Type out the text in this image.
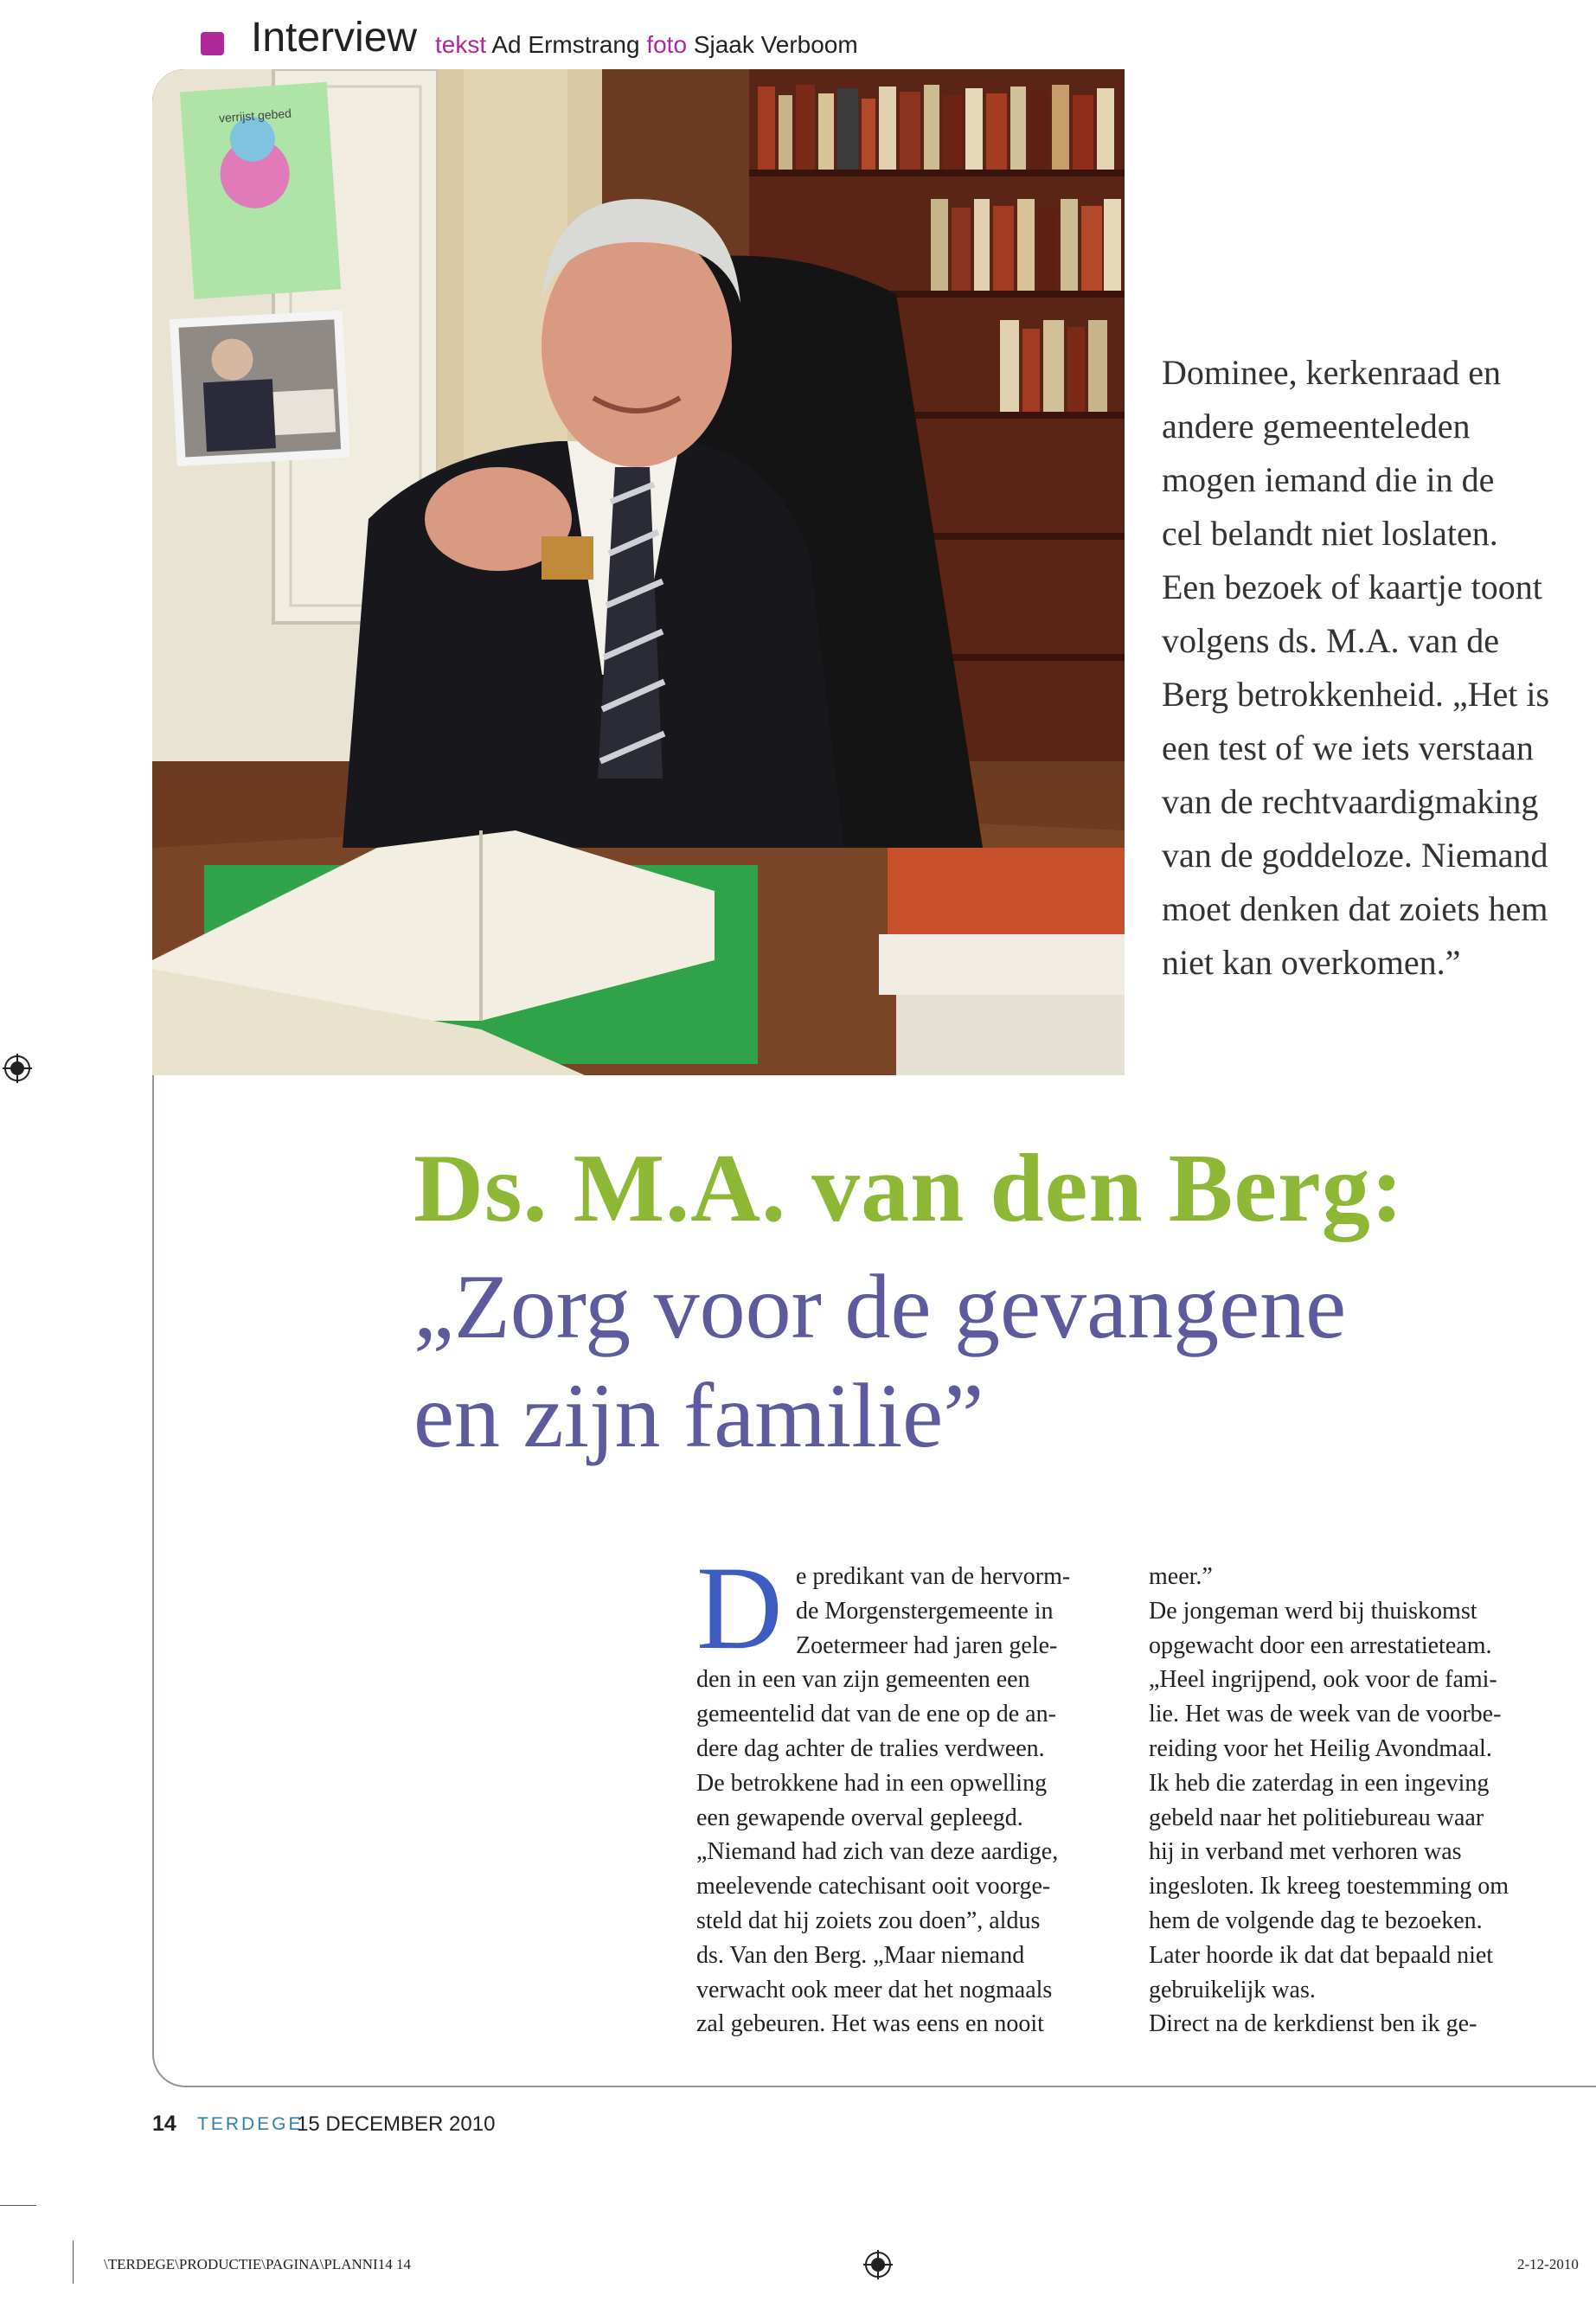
Interview tekst Ad Ermstrang foto Sjaak Verboom
verrijst gebed
Dominee, kerkenraad en
andere gemeenteleden
mogen iemand die in de
cel belandt niet loslaten.
Een bezoek of kaartje toont
volgens ds. M.A. van de
Berg betrokkenheid. „Het is
een test of we iets verstaan
van de rechtvaardigmaking
van de goddeloze. Niemand
moet denken dat zoiets hem
niet kan overkomen.”
Ds. M.A. van den Berg:
„Zorg voor de gevangene
en zijn familie”
D e predikant van de hervorm-
de Morgenstergemeente in
Zoetermeer had jaren gele-
den in een van zijn gemeenten een
gemeentelid dat van de ene op de an-
dere dag achter de tralies verdween.
De betrokkene had in een opwelling
een gewapende overval gepleegd.
„Niemand had zich van deze aardige,
meelevende catechisant ooit voorge-
steld dat hij zoiets zou doen”, aldus
ds. Van den Berg. „Maar niemand
verwacht ook meer dat het nogmaals
zal gebeuren. Het was eens en nooit
meer.”
De jongeman werd bij thuiskomst
opgewacht door een arrestatieteam.
„Heel ingrijpend, ook voor de fami-
lie. Het was de week van de voorbe-
reiding voor het Heilig Avondmaal.
Ik heb die zaterdag in een ingeving
gebeld naar het politiebureau waar
hij in verband met verhoren was
ingesloten. Ik kreeg toestemming om
hem de volgende dag te bezoeken.
Later hoorde ik dat dat bepaald niet
gebruikelijk was.
Direct na de kerkdienst ben ik ge-
14 TERDEGE
15 DECEMBER 2010
\TERDEGE\PRODUCTIE\PAGINA\PLANNI14 14	2-12-2010
